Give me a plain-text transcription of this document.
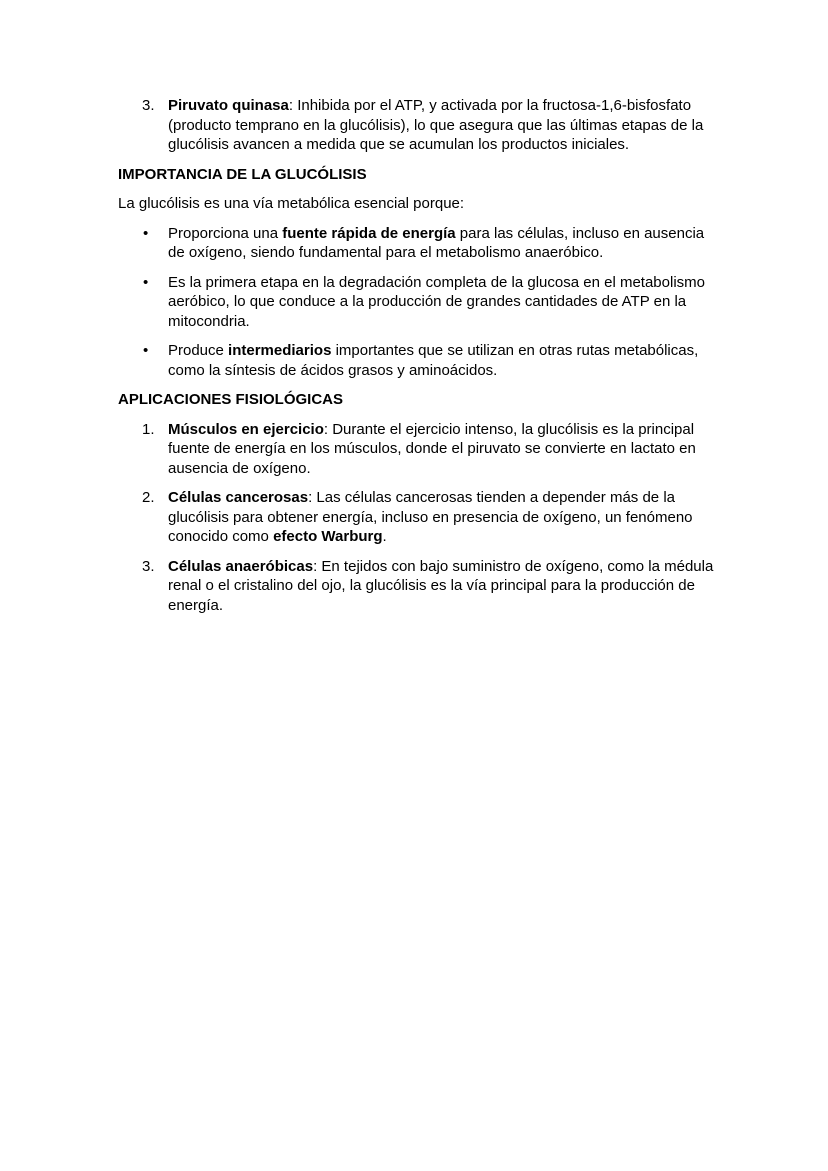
3. Piruvato quinasa: Inhibida por el ATP, y activada por la fructosa-1,6-bisfosfato (producto temprano en la glucólisis), lo que asegura que las últimas etapas de la glucólisis avancen a medida que se acumulan los productos iniciales.
IMPORTANCIA DE LA GLUCÓLISIS

La glucólisis es una vía metabólica esencial porque:

• Proporciona una fuente rápida de energía para las células, incluso en ausencia de oxígeno, siendo fundamental para el metabolismo anaeróbico.
• Es la primera etapa en la degradación completa de la glucosa en el metabolismo aeróbico, lo que conduce a la producción de grandes cantidades de ATP en la mitocondria.
• Produce intermediarios importantes que se utilizan en otras rutas metabólicas, como la síntesis de ácidos grasos y aminoácidos.
APLICACIONES FISIOLÓGICAS
1. Músculos en ejercicio: Durante el ejercicio intenso, la glucólisis es la principal fuente de energía en los músculos, donde el piruvato se convierte en lactato en ausencia de oxígeno.
2. Células cancerosas: Las células cancerosas tienden a depender más de la glucólisis para obtener energía, incluso en presencia de oxígeno, un fenómeno conocido como efecto Warburg.
3. Células anaeróbicas: En tejidos con bajo suministro de oxígeno, como la médula renal o el cristalino del ojo, la glucólisis es la vía principal para la producción de energía.
